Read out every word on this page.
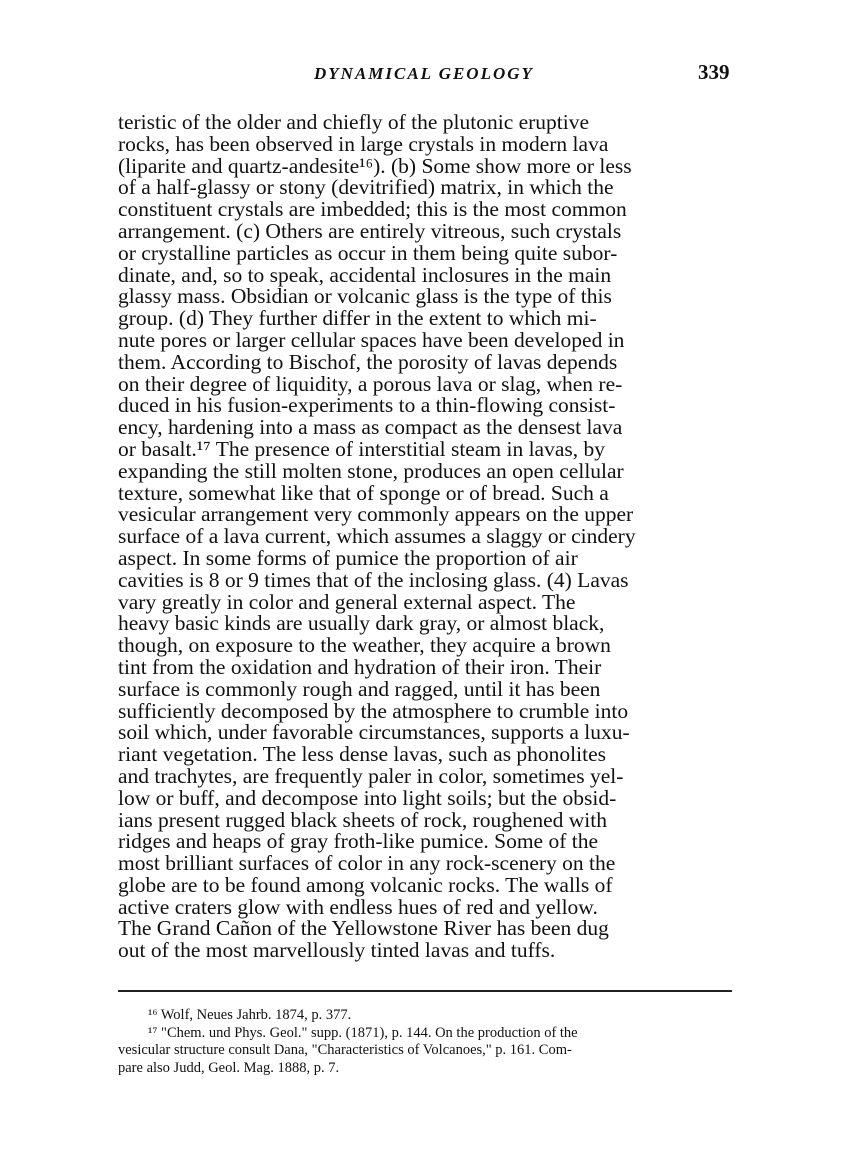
DYNAMICAL GEOLOGY	339
teristic of the older and chiefly of the plutonic eruptive
rocks, has been observed in large crystals in modern lava
(liparite and quartz-andesite¹⁶). (b) Some show more or less
of a half-glassy or stony (devitrified) matrix, in which the
constituent crystals are imbedded; this is the most common
arrangement. (c) Others are entirely vitreous, such crystals
or crystalline particles as occur in them being quite subor-
dinate, and, so to speak, accidental inclosures in the main
glassy mass. Obsidian or volcanic glass is the type of this
group. (d) They further differ in the extent to which mi-
nute pores or larger cellular spaces have been developed in
them. According to Bischof, the porosity of lavas depends
on their degree of liquidity, a porous lava or slag, when re-
duced in his fusion-experiments to a thin-flowing consist-
ency, hardening into a mass as compact as the densest lava
or basalt.¹⁷ The presence of interstitial steam in lavas, by
expanding the still molten stone, produces an open cellular
texture, somewhat like that of sponge or of bread. Such a
vesicular arrangement very commonly appears on the upper
surface of a lava current, which assumes a slaggy or cindery
aspect. In some forms of pumice the proportion of air
cavities is 8 or 9 times that of the inclosing glass. (4) Lavas
vary greatly in color and general external aspect. The
heavy basic kinds are usually dark gray, or almost black,
though, on exposure to the weather, they acquire a brown
tint from the oxidation and hydration of their iron. Their
surface is commonly rough and ragged, until it has been
sufficiently decomposed by the atmosphere to crumble into
soil which, under favorable circumstances, supports a luxu-
riant vegetation. The less dense lavas, such as phonolites
and trachytes, are frequently paler in color, sometimes yel-
low or buff, and decompose into light soils; but the obsid-
ians present rugged black sheets of rock, roughened with
ridges and heaps of gray froth-like pumice. Some of the
most brilliant surfaces of color in any rock-scenery on the
globe are to be found among volcanic rocks. The walls of
active craters glow with endless hues of red and yellow.
The Grand Cañon of the Yellowstone River has been dug
out of the most marvellously tinted lavas and tuffs.
¹⁶ Wolf, Neues Jahrb. 1874, p. 377.
¹⁷ "Chem. und Phys. Geol." supp. (1871), p. 144. On the production of the
vesicular structure consult Dana, "Characteristics of Volcanoes," p. 161. Com-
pare also Judd, Geol. Mag. 1888, p. 7.
